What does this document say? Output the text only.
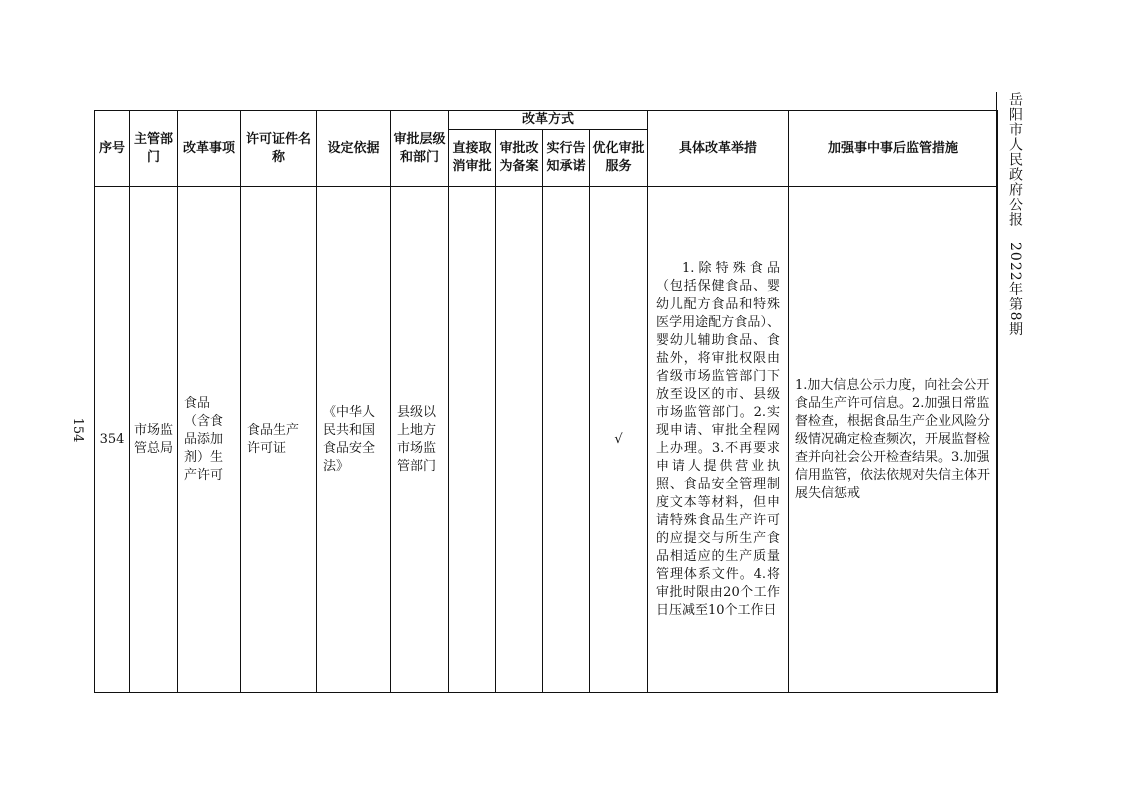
154
岳阳市人民政府公报　2022年第8期
序号	主管部门	改革事项	许可证件名称	设定依据	审批层级和部门	改革方式				具体改革举措	加强事中事后监管措施
						直接取消审批	审批改为备案	实行告知承诺	优化审批服务		
354	市场监管总局	食品（含食品添加剂）生产许可	食品生产许可证	《中华人民共和国食品安全法》	县级以上地方市场监管部门				√	1.除特殊食品（包括保健食品、婴幼儿配方食品和特殊医学用途配方食品）、婴幼儿辅助食品、食盐外，将审批权限由省级市场监管部门下放至设区的市、县级市场监管部门。2.实现申请、审批全程网上办理。3.不再要求申请人提供营业执照、食品安全管理制度文本等材料，但申请特殊食品生产许可的应提交与所生产食品相适应的生产质量管理体系文件。4.将审批时限由20个工作日压减至10个工作日	1.加大信息公示力度，向社会公开食品生产许可信息。2.加强日常监督检查，根据食品生产企业风险分级情况确定检查频次，开展监督检查并向社会公开检查结果。3.加强信用监管，依法依规对失信主体开展失信惩戒
